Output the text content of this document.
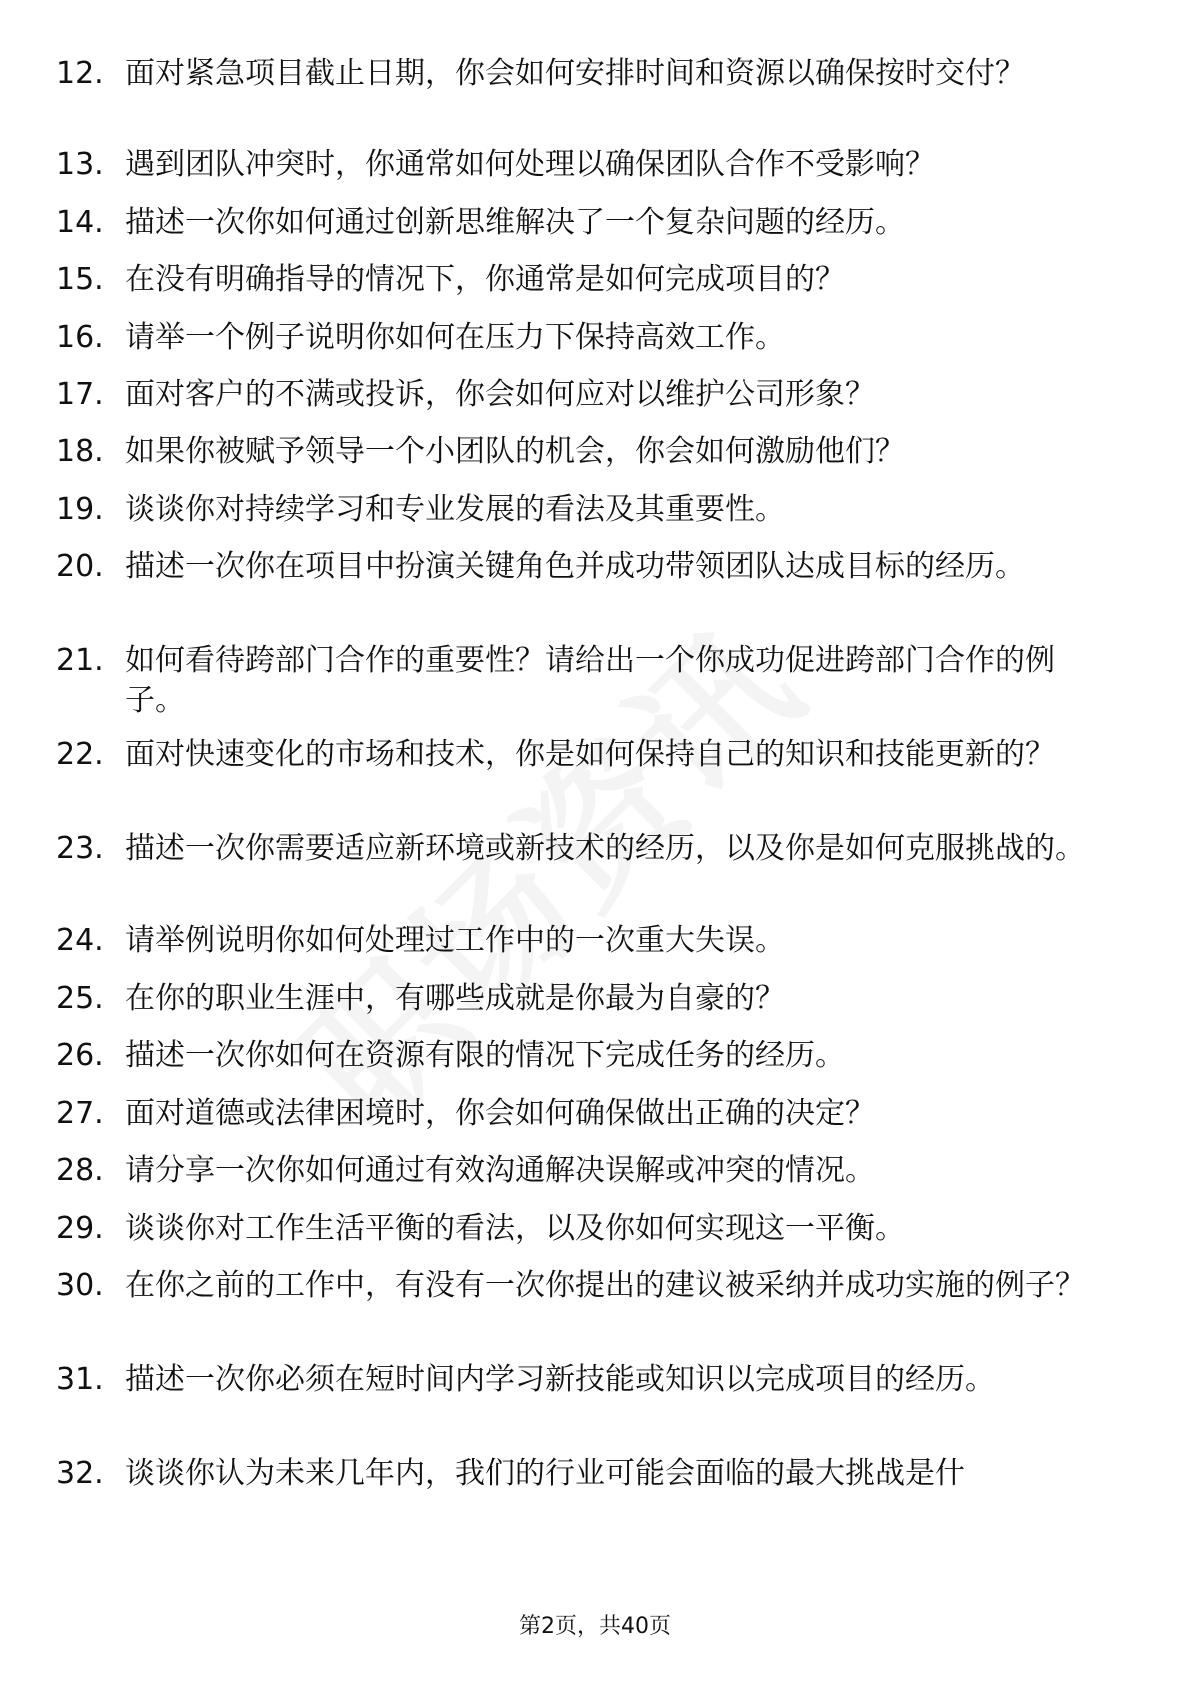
12. 面对紧急项目截止日期，你会如何安排时间和资源以确保按时交付？
13. 遇到团队冲突时，你通常如何处理以确保团队合作不受影响？
14. 描述一次你如何通过创新思维解决了一个复杂问题的经历。
15. 在没有明确指导的情况下，你通常是如何完成项目的？
16. 请举一个例子说明你如何在压力下保持高效工作。
17. 面对客户的不满或投诉，你会如何应对以维护公司形象？
18. 如果你被赋予领导一个小团队的机会，你会如何激励他们？
19. 谈谈你对持续学习和专业发展的看法及其重要性。
20. 描述一次你在项目中扮演关键角色并成功带领团队达成目标的经历。
21. 如何看待跨部门合作的重要性？请给出一个你成功促进跨部门合作的例子。
22. 面对快速变化的市场和技术，你是如何保持自己的知识和技能更新的？
23. 描述一次你需要适应新环境或新技术的经历，以及你是如何克服挑战的。
24. 请举例说明你如何处理过工作中的一次重大失误。
25. 在你的职业生涯中，有哪些成就是你最为自豪的？
26. 描述一次你如何在资源有限的情况下完成任务的经历。
27. 面对道德或法律困境时，你会如何确保做出正确的决定？
28. 请分享一次你如何通过有效沟通解决误解或冲突的情况。
29. 谈谈你对工作生活平衡的看法，以及你如何实现这一平衡。
30. 在你之前的工作中，有没有一次你提出的建议被采纳并成功实施的例子？
31. 描述一次你必须在短时间内学习新技能或知识以完成项目的经历。
32. 谈谈你认为未来几年内，我们的行业可能会面临的最大挑战是什
第2页，共40页
